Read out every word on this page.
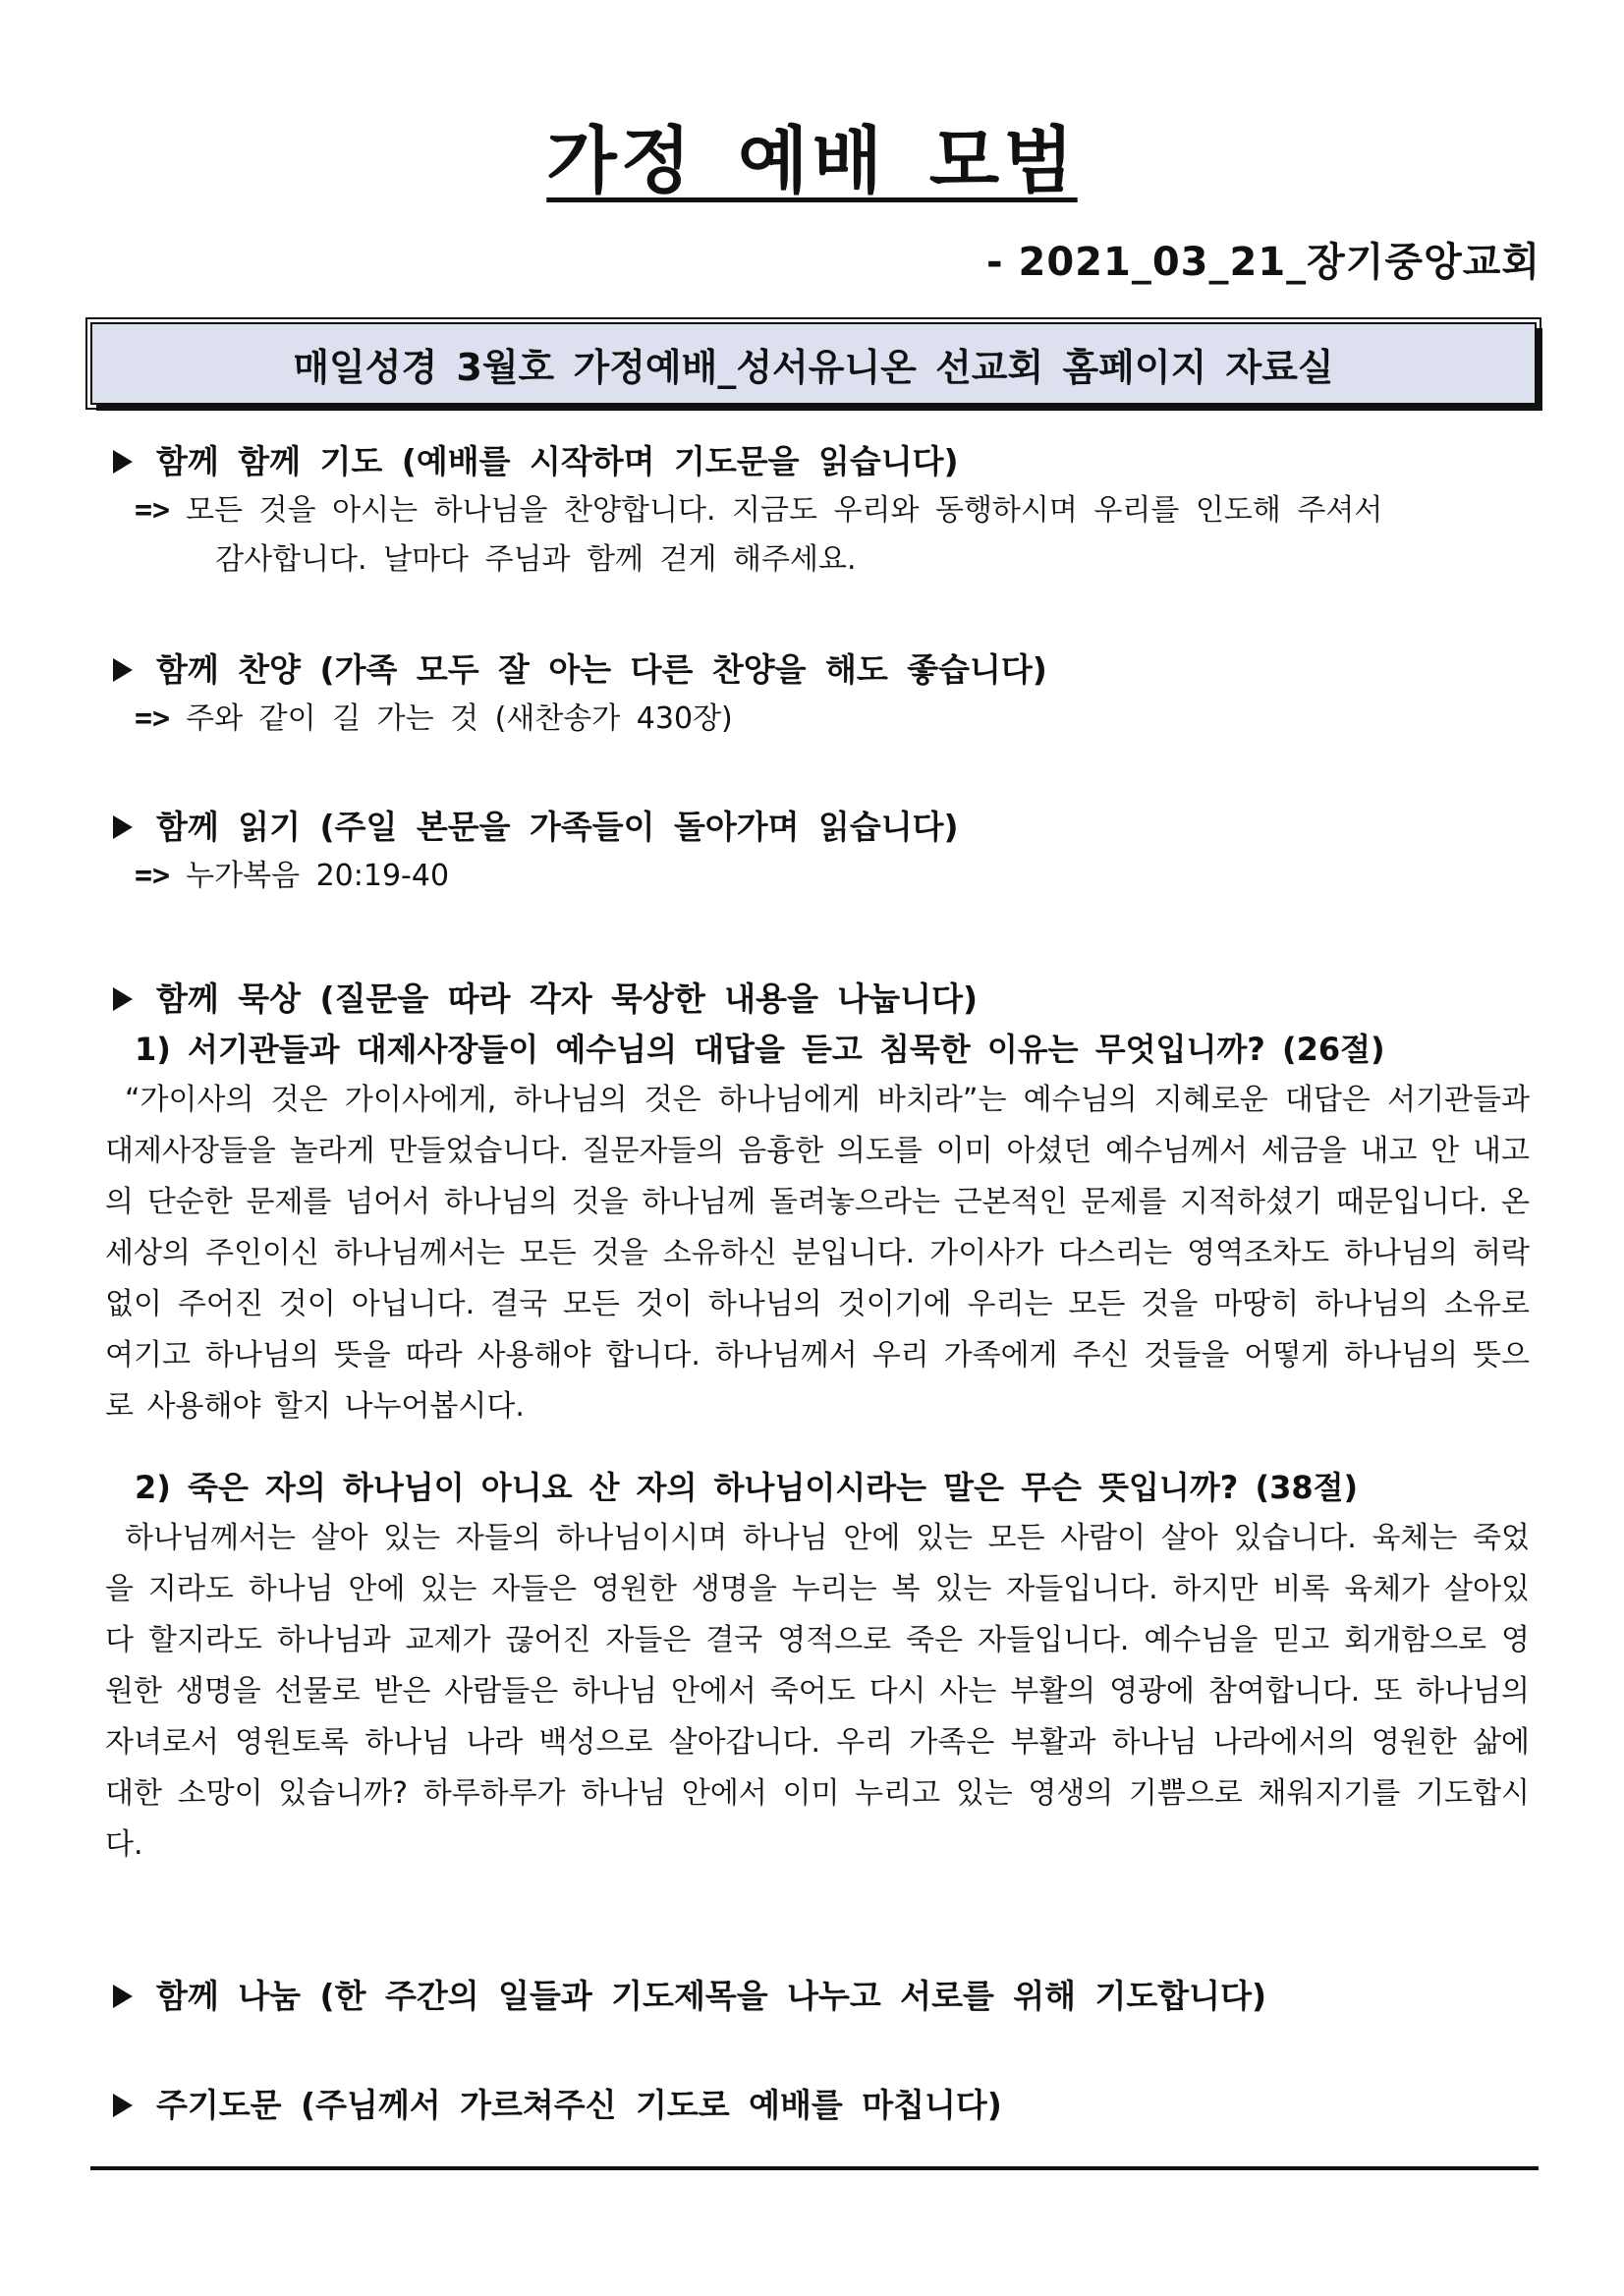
가정 예배 모범
- 2021_03_21_장기중앙교회
매일성경 3월호 가정예배_성서유니온 선교회 홈페이지 자료실
함께 함께 기도 (예배를 시작하며 기도문을 읽습니다)
=> 모든 것을 아시는 하나님을 찬양합니다. 지금도 우리와 동행하시며 우리를 인도해 주셔서
감사합니다. 날마다 주님과 함께 걷게 해주세요.
함께 찬양 (가족 모두 잘 아는 다른 찬양을 해도 좋습니다)
=> 주와 같이 길 가는 것 (새찬송가 430장)
함께 읽기 (주일 본문을 가족들이 돌아가며 읽습니다)
=> 누가복음 20:19-40
함께 묵상 (질문을 따라 각자 묵상한 내용을 나눕니다)
1) 서기관들과 대제사장들이 예수님의 대답을 듣고 침묵한 이유는 무엇입니까? (26절)

“가이사의 것은 가이사에게, 하나님의 것은 하나님에게 바치라”는 예수님의 지혜로운 대답은 서기관들과 대제사장들을 놀라게 만들었습니다. 질문자들의 음흉한 의도를 이미 아셨던 예수님께서 세금을 내고 안 내고의 단순한 문제를 넘어서 하나님의 것을 하나님께 돌려놓으라는 근본적인 문제를 지적하셨기 때문입니다. 온 세상의 주인이신 하나님께서는 모든 것을 소유하신 분입니다. 가이사가 다스리는 영역조차도 하나님의 허락 없이 주어진 것이 아닙니다. 결국 모든 것이 하나님의 것이기에 우리는 모든 것을 마땅히 하나님의 소유로 여기고 하나님의 뜻을 따라 사용해야 합니다. 하나님께서 우리 가족에게 주신 것들을 어떻게 하나님의 뜻으로 사용해야 할지 나누어봅시다.

2) 죽은 자의 하나님이 아니요 산 자의 하나님이시라는 말은 무슨 뜻입니까? (38절)

하나님께서는 살아 있는 자들의 하나님이시며 하나님 안에 있는 모든 사람이 살아 있습니다. 육체는 죽었을 지라도 하나님 안에 있는 자들은 영원한 생명을 누리는 복 있는 자들입니다. 하지만 비록 육체가 살아있다 할지라도 하나님과 교제가 끊어진 자들은 결국 영적으로 죽은 자들입니다. 예수님을 믿고 회개함으로 영원한 생명을 선물로 받은 사람들은 하나님 안에서 죽어도 다시 사는 부활의 영광에 참여합니다. 또 하나님의 자녀로서 영원토록 하나님 나라 백성으로 살아갑니다. 우리 가족은 부활과 하나님 나라에서의 영원한 삶에 대한 소망이 있습니까? 하루하루가 하나님 안에서 이미 누리고 있는 영생의 기쁨으로 채워지기를 기도합시다.

함께 나눔 (한 주간의 일들과 기도제목을 나누고 서로를 위해 기도합니다)
주기도문 (주님께서 가르쳐주신 기도로 예배를 마칩니다)
